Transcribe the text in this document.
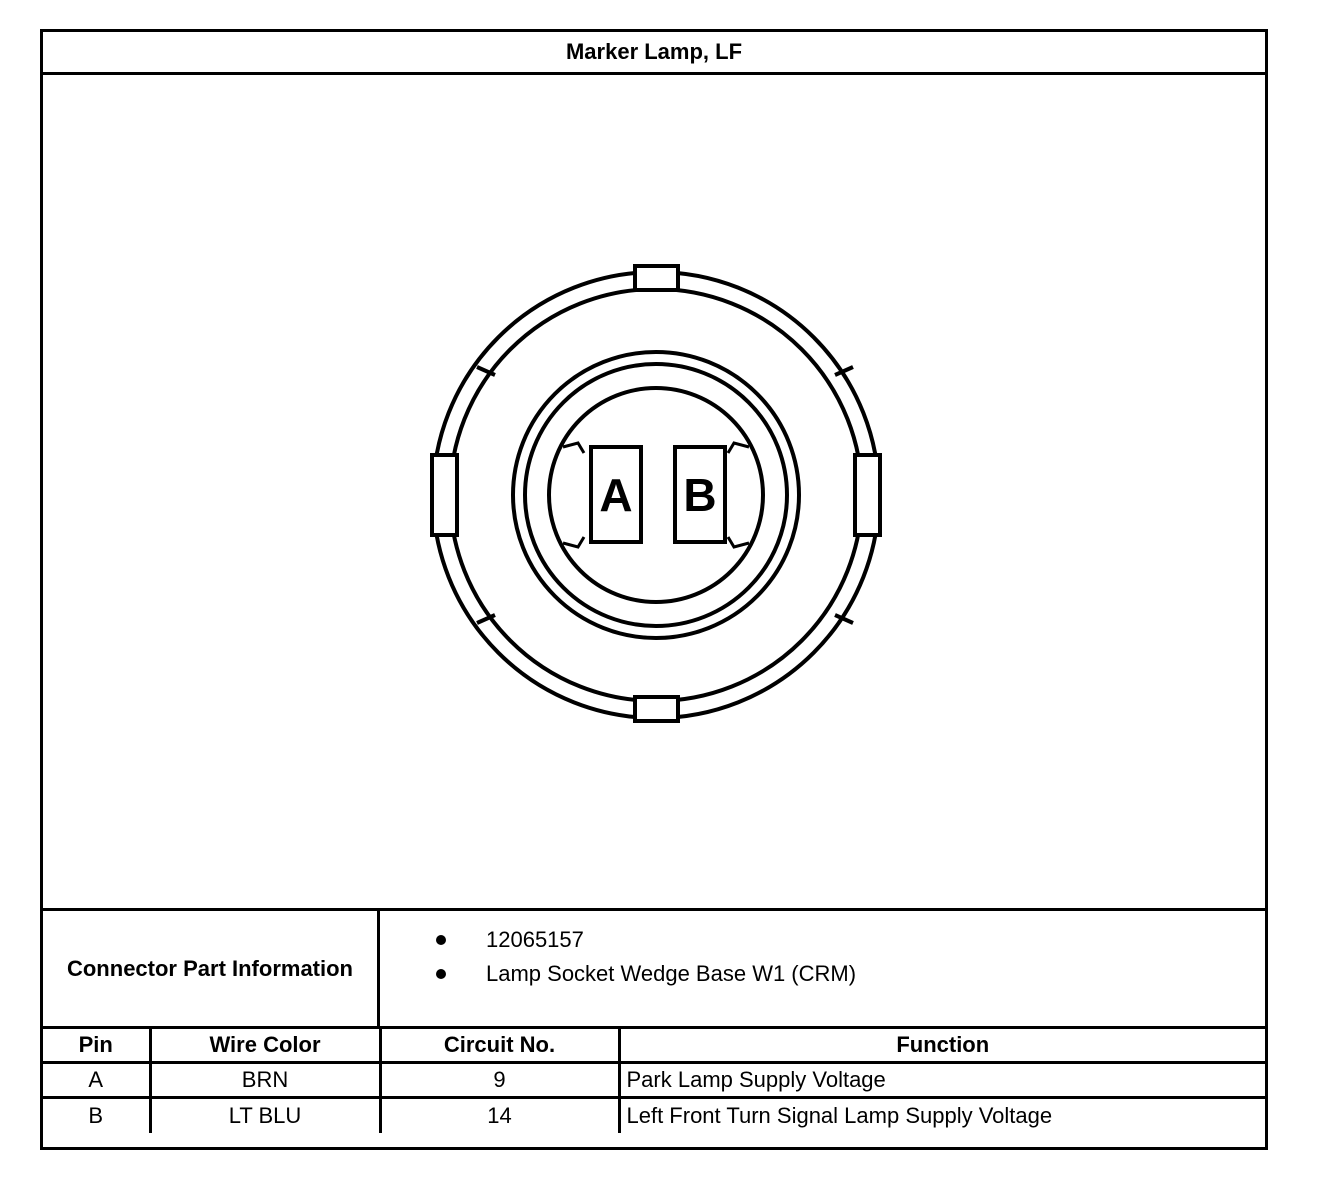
Marker Lamp, LF
A B
Connector Part Information
12065157
Lamp Socket Wedge Base W1 (CRM)
Pin	Wire Color	Circuit No.	Function
A	BRN	9	Park Lamp Supply Voltage
B	LT BLU	14	Left Front Turn Signal Lamp Supply Voltage
